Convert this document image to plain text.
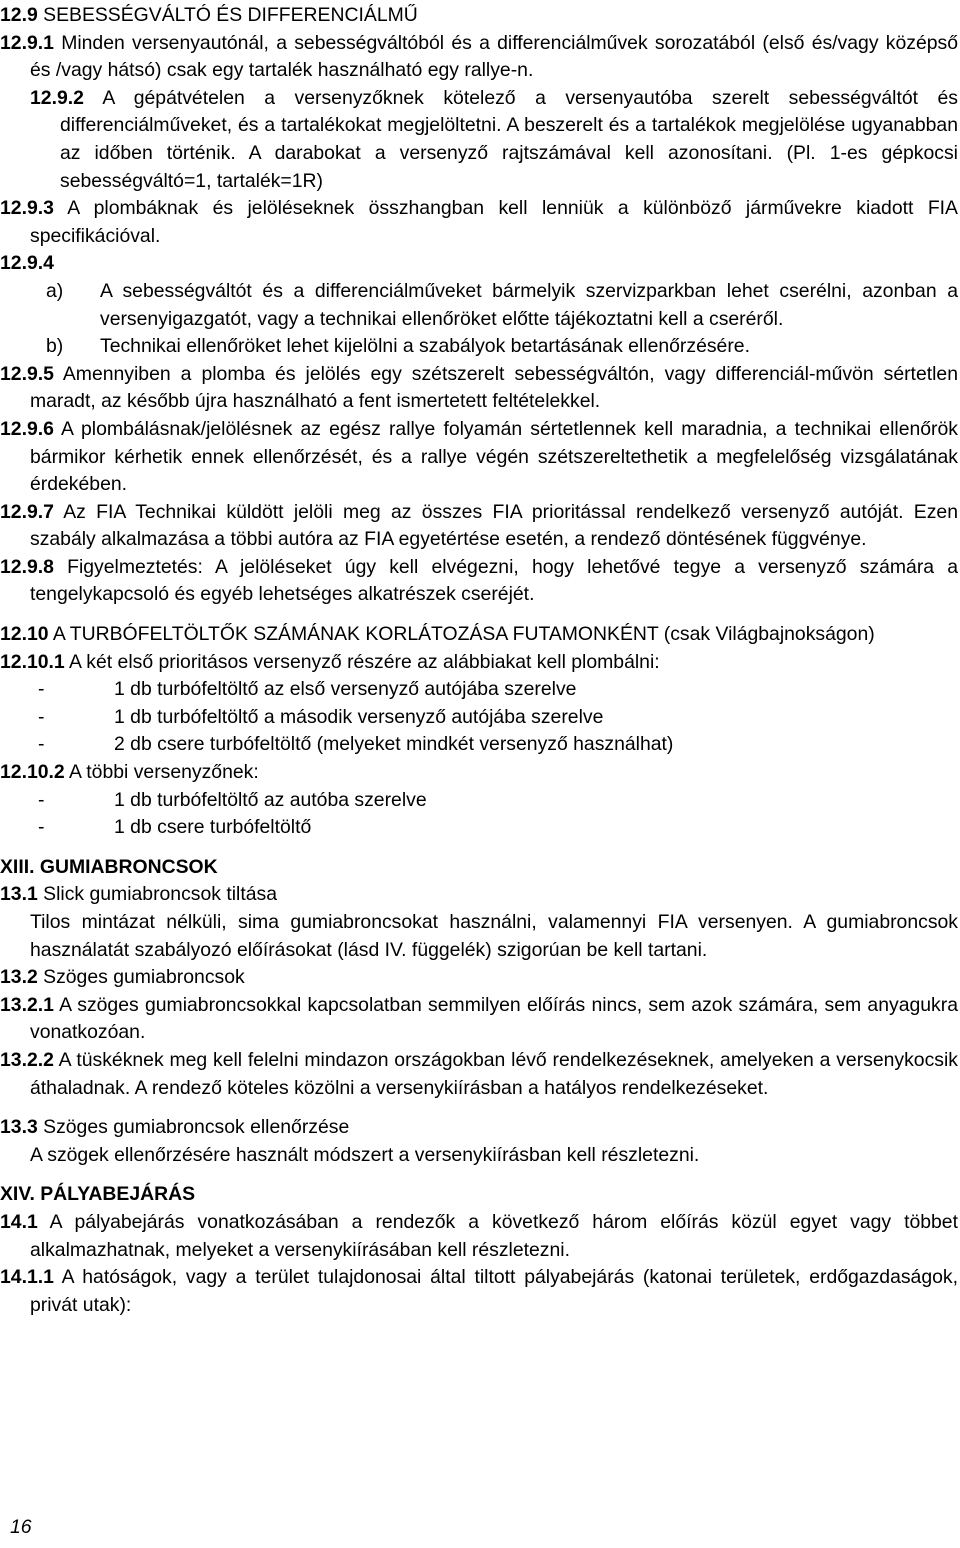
12.9 SEBESSÉGVÁLTÓ ÉS DIFFERENCIÁLMŰ

12.9.1 Minden versenyautónál, a sebességváltóból és a differenciálművek sorozatából (első és/vagy középső és /vagy hátsó) csak egy tartalék használható egy rallye-n.

12.9.2 A gépátvételen a versenyzőknek kötelező a versenyautóba szerelt sebességváltót és differenciálműveket, és a tartalékokat megjelöltetni. A beszerelt és a tartalékok megjelölése ugyanabban az időben történik. A darabokat a versenyző rajtszámával kell azonosítani. (Pl. 1-es gépkocsi sebességváltó=1, tartalék=1R)

12.9.3 A plombáknak és jelöléseknek összhangban kell lenniük a különböző járművekre kiadott FIA specifikációval.

12.9.4

a)	A sebességváltót és a differenciálműveket bármelyik szervizparkban lehet cserélni, azonban a versenyigazgatót, vagy a technikai ellenőröket előtte tájékoztatni kell a cseréről.
b)	Technikai ellenőröket lehet kijelölni a szabályok betartásának ellenőrzésére.

12.9.5 Amennyiben a plomba és jelölés egy szétszerelt sebességváltón, vagy differenciál-művön sértetlen maradt, az később újra használható a fent ismertetett feltételekkel.

12.9.6 A plombálásnak/jelölésnek az egész rallye folyamán sértetlennek kell maradnia, a technikai ellenőrök bármikor kérhetik ennek ellenőrzését, és a rallye végén szétszereltethetik a megfelelőség vizsgálatának érdekében.

12.9.7 Az FIA Technikai küldött jelöli meg az összes FIA prioritással rendelkező versenyző autóját. Ezen szabály alkalmazása a többi autóra az FIA egyetértése esetén, a rendező döntésének függvénye.

12.9.8 Figyelmeztetés: A jelöléseket úgy kell elvégezni, hogy lehetővé tegye a versenyző számára a tengelykapcsoló és egyéb lehetséges alkatrészek cseréjét.

12.10 A TURBÓFELTÖLTŐK SZÁMÁNAK KORLÁTOZÁSA FUTAMONKÉNT (csak Világbajnokságon)

12.10.1 A két első prioritásos versenyző részére az alábbiakat kell plombálni:

-	1 db turbófeltöltő az első versenyző autójába szerelve
-	1 db turbófeltöltő a második versenyző autójába szerelve
-	2 db csere turbófeltöltő (melyeket mindkét versenyző használhat)

12.10.2 A többi versenyzőnek:

-	1 db turbófeltöltő az autóba szerelve
-	1 db csere turbófeltöltő

XIII. GUMIABRONCSOK

13.1 Slick gumiabroncsok tiltása

Tilos mintázat nélküli, sima gumiabroncsokat használni, valamennyi FIA versenyen. A gumiabroncsok használatát szabályozó előírásokat (lásd IV. függelék) szigorúan be kell tartani.

13.2 Szöges gumiabroncsok

13.2.1 A szöges gumiabroncsokkal kapcsolatban semmilyen előírás nincs, sem azok számára, sem anyagukra vonatkozóan.

13.2.2 A tüskéknek meg kell felelni mindazon országokban lévő rendelkezéseknek, amelyeken a versenykocsik áthaladnak. A rendező köteles közölni a versenykiírásban a hatályos rendelkezéseket.

13.3 Szöges gumiabroncsok ellenőrzése

A szögek ellenőrzésére használt módszert a versenykiírásban kell részletezni.

XIV. PÁLYABEJÁRÁS

14.1 A pályabejárás vonatkozásában a rendezők a következő három előírás közül egyet vagy többet alkalmazhatnak, melyeket a versenykiírásában kell részletezni.

14.1.1 A hatóságok, vagy a terület tulajdonosai által tiltott pályabejárás (katonai területek, erdőgazdaságok, privát utak):

16
